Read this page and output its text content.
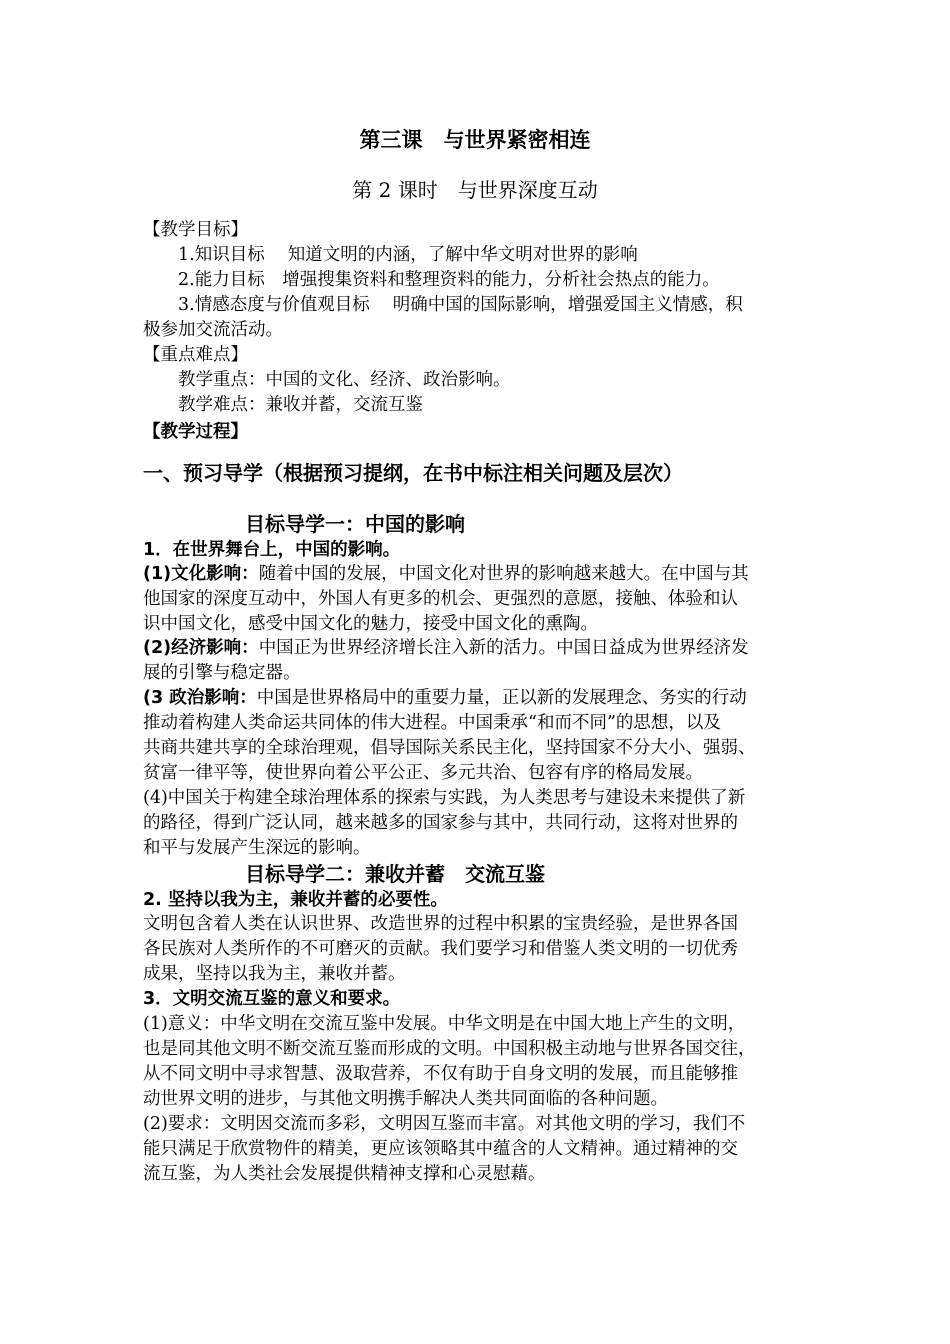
第三课　与世界紧密相连
第 2 课时　与世界深度互动
【教学目标】
1.知识目标　 知道文明的内涵，了解中华文明对世界的影响
2.能力目标　增强搜集资料和整理资料的能力，分析社会热点的能力。
3.情感态度与价值观目标　 明确中国的国际影响，增强爱国主义情感，积
极参加交流活动。
【重点难点】
教学重点：中国的文化、经济、政治影响。
教学难点：兼收并蓄，交流互鉴
【教学过程】
一、预习导学（根据预习提纲，在书中标注相关问题及层次）
目标导学一：中国的影响
1．在世界舞台上，中国的影响。
(1)文化影响：随着中国的发展，中国文化对世界的影响越来越大。在中国与其
他国家的深度互动中，外国人有更多的机会、更强烈的意愿，接触、体验和认
识中国文化，感受中国文化的魅力，接受中国文化的熏陶。
(2)经济影响：中国正为世界经济增长注入新的活力。中国日益成为世界经济发
展的引擎与稳定器。
(3 政治影响：中国是世界格局中的重要力量，正以新的发展理念、务实的行动
推动着构建人类命运共同体的伟大进程。中国秉承“和而不同”的思想，以及
共商共建共享的全球治理观，倡导国际关系民主化，坚持国家不分大小、强弱、
贫富一律平等，使世界向着公平公正、多元共治、包容有序的格局发展。
(4)中国关于构建全球治理体系的探索与实践，为人类思考与建设未来提供了新
的路径，得到广泛认同，越来越多的国家参与其中，共同行动，这将对世界的
和平与发展产生深远的影响。
目标导学二：兼收并蓄　交流互鉴
2. 坚持以我为主，兼收并蓄的必要性。
文明包含着人类在认识世界、改造世界的过程中积累的宝贵经验，是世界各国
各民族对人类所作的不可磨灭的贡献。我们要学习和借鉴人类文明的一切优秀
成果，坚持以我为主，兼收并蓄。
3．文明交流互鉴的意义和要求。
(1)意义：中华文明在交流互鉴中发展。中华文明是在中国大地上产生的文明，
也是同其他文明不断交流互鉴而形成的文明。中国积极主动地与世界各国交往，
从不同文明中寻求智慧、汲取营养，不仅有助于自身文明的发展，而且能够推
动世界文明的进步，与其他文明携手解决人类共同面临的各种问题。
(2)要求：文明因交流而多彩，文明因互鉴而丰富。对其他文明的学习，我们不
能只满足于欣赏物件的精美，更应该领略其中蕴含的人文精神。通过精神的交
流互鉴，为人类社会发展提供精神支撑和心灵慰藉。
